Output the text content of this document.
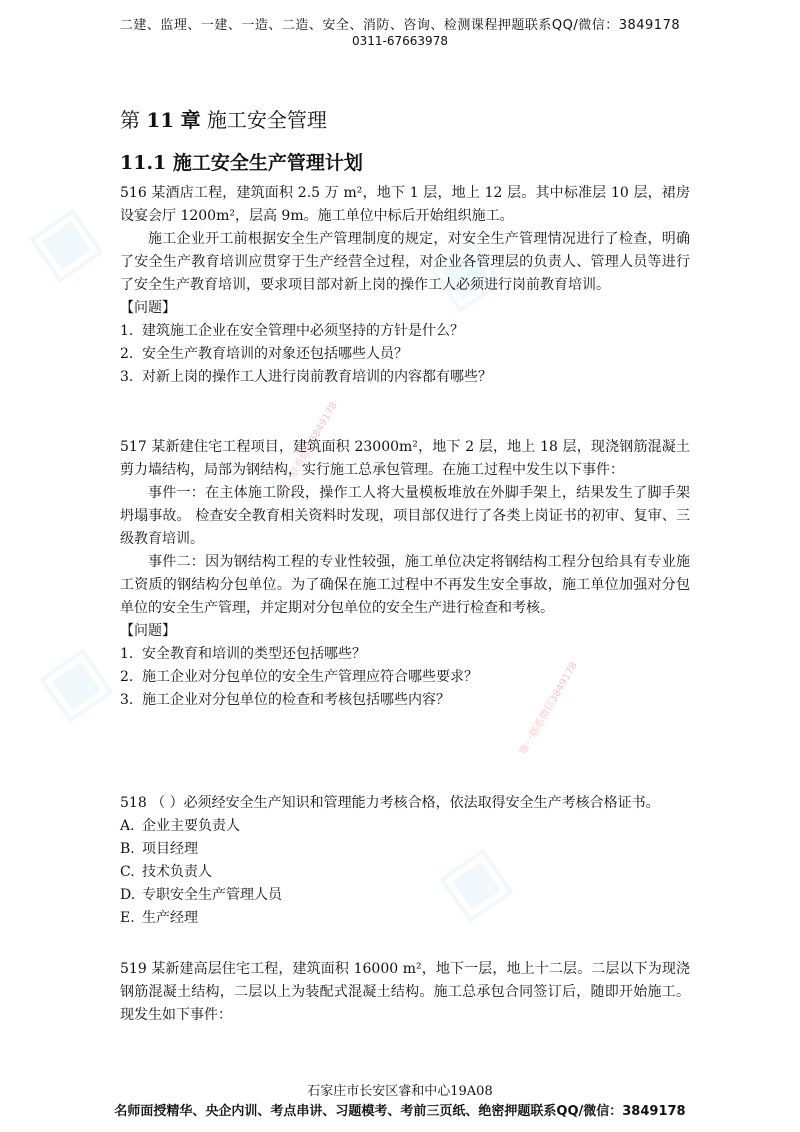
▣	▣
▣
▣
唯一联系微信3849178
唯一联系微信3849178
二建、监理、一建、一造、二造、安全、消防、咨询、检测课程押题联系QQ/微信：3849178
0311-67663978
第 11 章 施工安全管理
11.1 施工安全生产管理计划

516 某酒店工程，建筑面积 2.5 万 m²，地下 1 层，地上 12 层。其中标准层 10 层，裙房设宴会厅 1200m²，层高 9m。施工单位中标后开始组织施工。

施工企业开工前根据安全生产管理制度的规定，对安全生产管理情况进行了检查，明确了安全生产教育培训应贯穿于生产经营全过程，对企业各管理层的负责人、管理人员等进行了安全生产教育培训，要求项目部对新上岗的操作工人必须进行岗前教育培训。

【问题】

1. 建筑施工企业在安全管理中必须坚持的方针是什么？
2. 安全生产教育培训的对象还包括哪些人员？
3. 对新上岗的操作工人进行岗前教育培训的内容都有哪些？

517 某新建住宅工程项目，建筑面积 23000m²，地下 2 层，地上 18 层，现浇钢筋混凝土剪力墙结构，局部为钢结构，实行施工总承包管理。在施工过程中发生以下事件：

事件一：在主体施工阶段，操作工人将大量模板堆放在外脚手架上，结果发生了脚手架坍塌事故。 检查安全教育相关资料时发现，项目部仅进行了各类上岗证书的初审、复审、三级教育培训。

事件二：因为钢结构工程的专业性较强，施工单位决定将钢结构工程分包给具有专业施工资质的钢结构分包单位。为了确保在施工过程中不再发生安全事故，施工单位加强对分包单位的安全生产管理，并定期对分包单位的安全生产进行检查和考核。

【问题】

1. 安全教育和培训的类型还包括哪些？
2. 施工企业对分包单位的安全生产管理应符合哪些要求？
3. 施工企业对分包单位的检查和考核包括哪些内容？

518 （ ）必须经安全生产知识和管理能力考核合格，依法取得安全生产考核合格证书。

A. 企业主要负责人
B. 项目经理
C. 技术负责人
D. 专职安全生产管理人员
E. 生产经理

519 某新建高层住宅工程，建筑面积 16000 m²，地下一层，地上十二层。二层以下为现浇钢筋混凝土结构，二层以上为装配式混凝土结构。施工总承包合同签订后，随即开始施工。现发生如下事件：

石家庄市长安区睿和中心19A08
名师面授精华、央企内训、考点串讲、习题模考、考前三页纸、绝密押题联系QQ/微信：3849178
